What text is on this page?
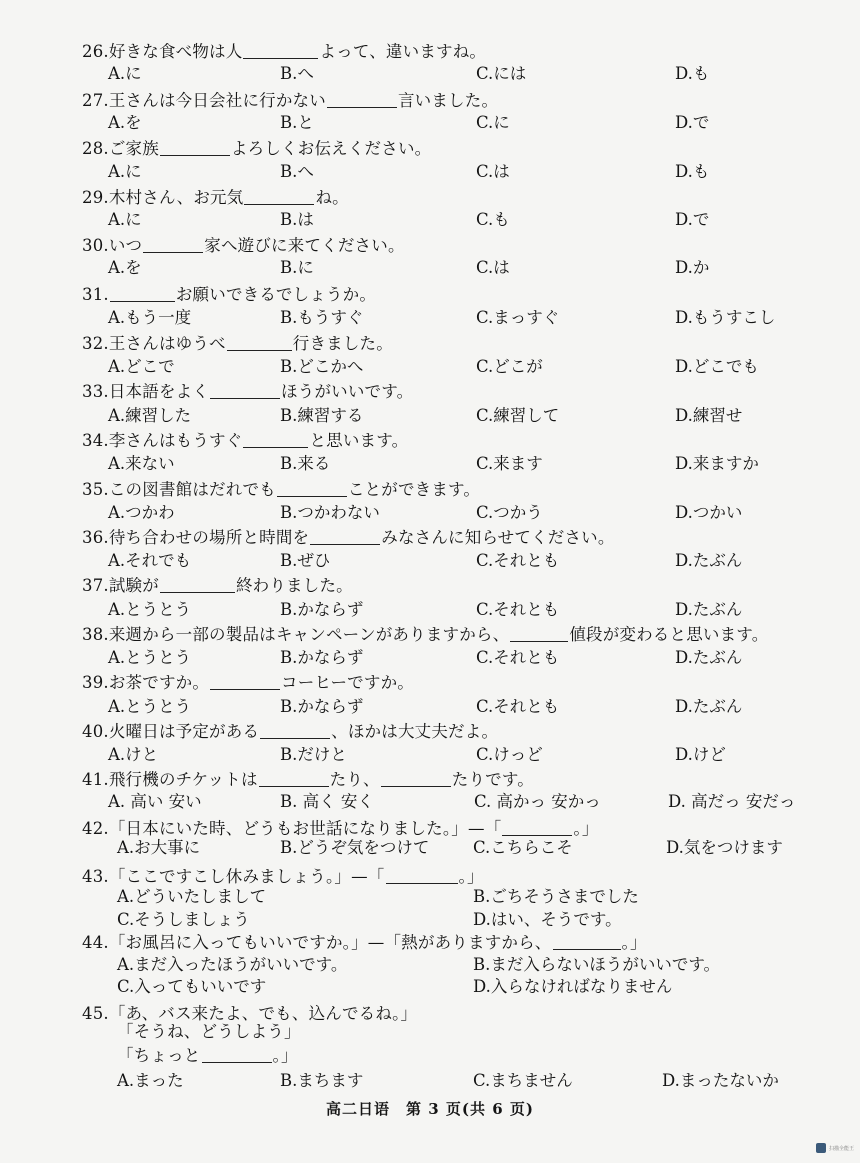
26.好きな食べ物は人	よって、違いますね。
A.に	B.へ	C.には	D.も
27.王さんは今日会社に行かない	言いました。
A.を	B.と	C.に	D.で
28.ご家族	よろしくお伝えください。
A.に	B.へ	C.は	D.も
29.木村さん、お元気	ね。
A.に	B.は	C.も	D.で
30.いつ	家へ遊びに来てください。
A.を	B.に	C.は	D.か
31.	お願いできるでしょうか。
A.もう一度	B.もうすぐ	C.まっすぐ	D.もうすこし
32.王さんはゆうべ	行きました。
A.どこで	B.どこかへ	C.どこが	D.どこでも
33.日本語をよく	ほうがいいです。
A.練習した	B.練習する	C.練習して	D.練習せ
34.李さんはもうすぐ	と思います。
A.来ない	B.来る	C.来ます	D.来ますか
35.この図書館はだれでも	ことができます。
A.つかわ	B.つかわない	C.つかう	D.つかい
36.待ち合わせの場所と時間を	みなさんに知らせてください。
A.それでも	B.ぜひ	C.それとも	D.たぶん
37.試験が	終わりました。
A.とうとう	B.かならず	C.それとも	D.たぶん
38.来週から一部の製品はキャンペーンがありますから、	値段が変わると思います。
A.とうとう	B.かならず	C.それとも	D.たぶん
39.お茶ですか。	コーヒーですか。
A.とうとう	B.かならず	C.それとも	D.たぶん
40.火曜日は予定がある	、ほかは大丈夫だよ。
A.けと	B.だけと	C.けっど	D.けど
41.飛行機のチケットは	たり、	たりです。
A. 高い 安い	B. 高く 安く	C. 高かっ 安かっ	D. 高だっ 安だっ
42.「日本にいた時、どうもお世話になりました。」—「	。」
A.お大事に	B.どうぞ気をつけて	C.こちらこそ	D.気をつけます
43.「ここですこし休みましょう。」—「	。」
A.どういたしまして	B.ごちそうさまでした
C.そうしましょう	D.はい、そうです。
44.「お風呂に入ってもいいですか。」—「熱がありますから、	。」
A.まだ入ったほうがいいです。	B.まだ入らないほうがいいです。
C.入ってもいいです	D.入らなければなりません
45.「あ、バス来たよ、でも、込んでるね。」
「そうね、どうしよう」
「ちょっと	。」
A.まった	B.まちます	C.まちません	D.まったないか
高二日语　第 3 页(共 6 页)
扫描全能王
